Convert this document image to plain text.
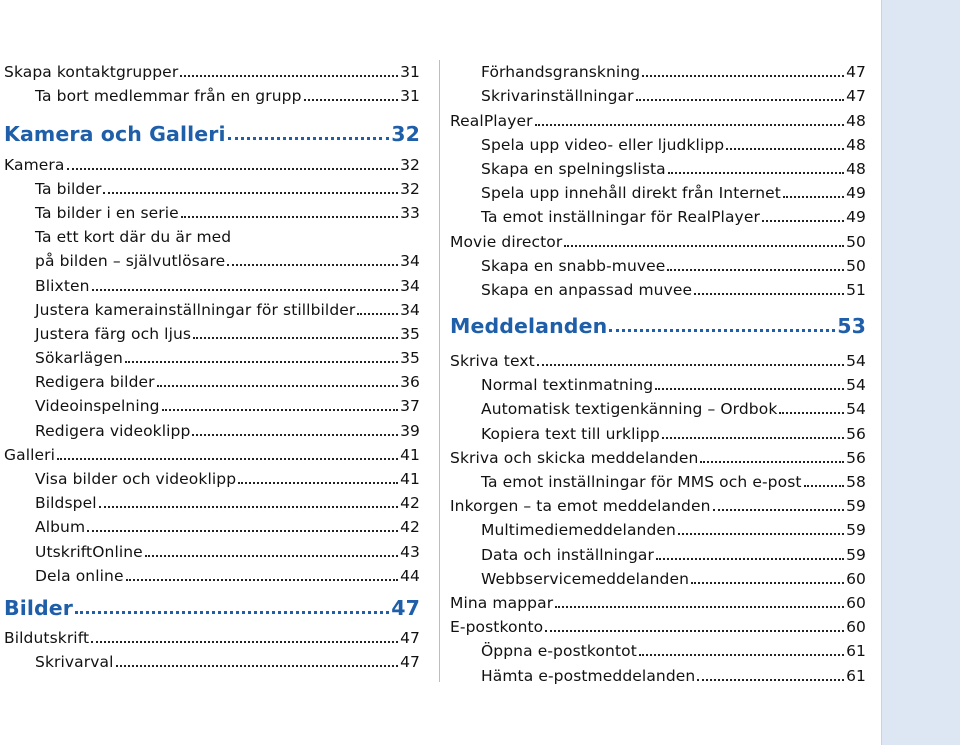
Skapa kontaktgrupper	31
Ta bort medlemmar från en grupp	31
Kamera och Galleri	32
Kamera	32
Ta bilder	32
Ta bilder i en serie	33
Ta ett kort där du är med
på bilden – självutlösare	34
Blixten	34
Justera kamerainställningar för stillbilder	34
Justera färg och ljus	35
Sökarlägen	35
Redigera bilder	36
Videoinspelning	37
Redigera videoklipp	39
Galleri	41
Visa bilder och videoklipp	41
Bildspel	42
Album	42
UtskriftOnline	43
Dela online	44
Bilder	47
Bildutskrift	47
Skrivarval	47
Förhandsgranskning	47
Skrivarinställningar	47
RealPlayer	48
Spela upp video- eller ljudklipp	48
Skapa en spelningslista	48
Spela upp innehåll direkt från Internet	49
Ta emot inställningar för RealPlayer	49
Movie director	50
Skapa en snabb-muvee	50
Skapa en anpassad muvee	51
Meddelanden	53
Skriva text	54
Normal textinmatning	54
Automatisk textigenkänning – Ordbok	54
Kopiera text till urklipp	56
Skriva och skicka meddelanden	56
Ta emot inställningar för MMS och e-post	58
Inkorgen – ta emot meddelanden	59
Multimediemeddelanden	59
Data och inställningar	59
Webbservicemeddelanden	60
Mina mappar	60
E-postkonto	60
Öppna e-postkontot	61
Hämta e-postmeddelanden	61
